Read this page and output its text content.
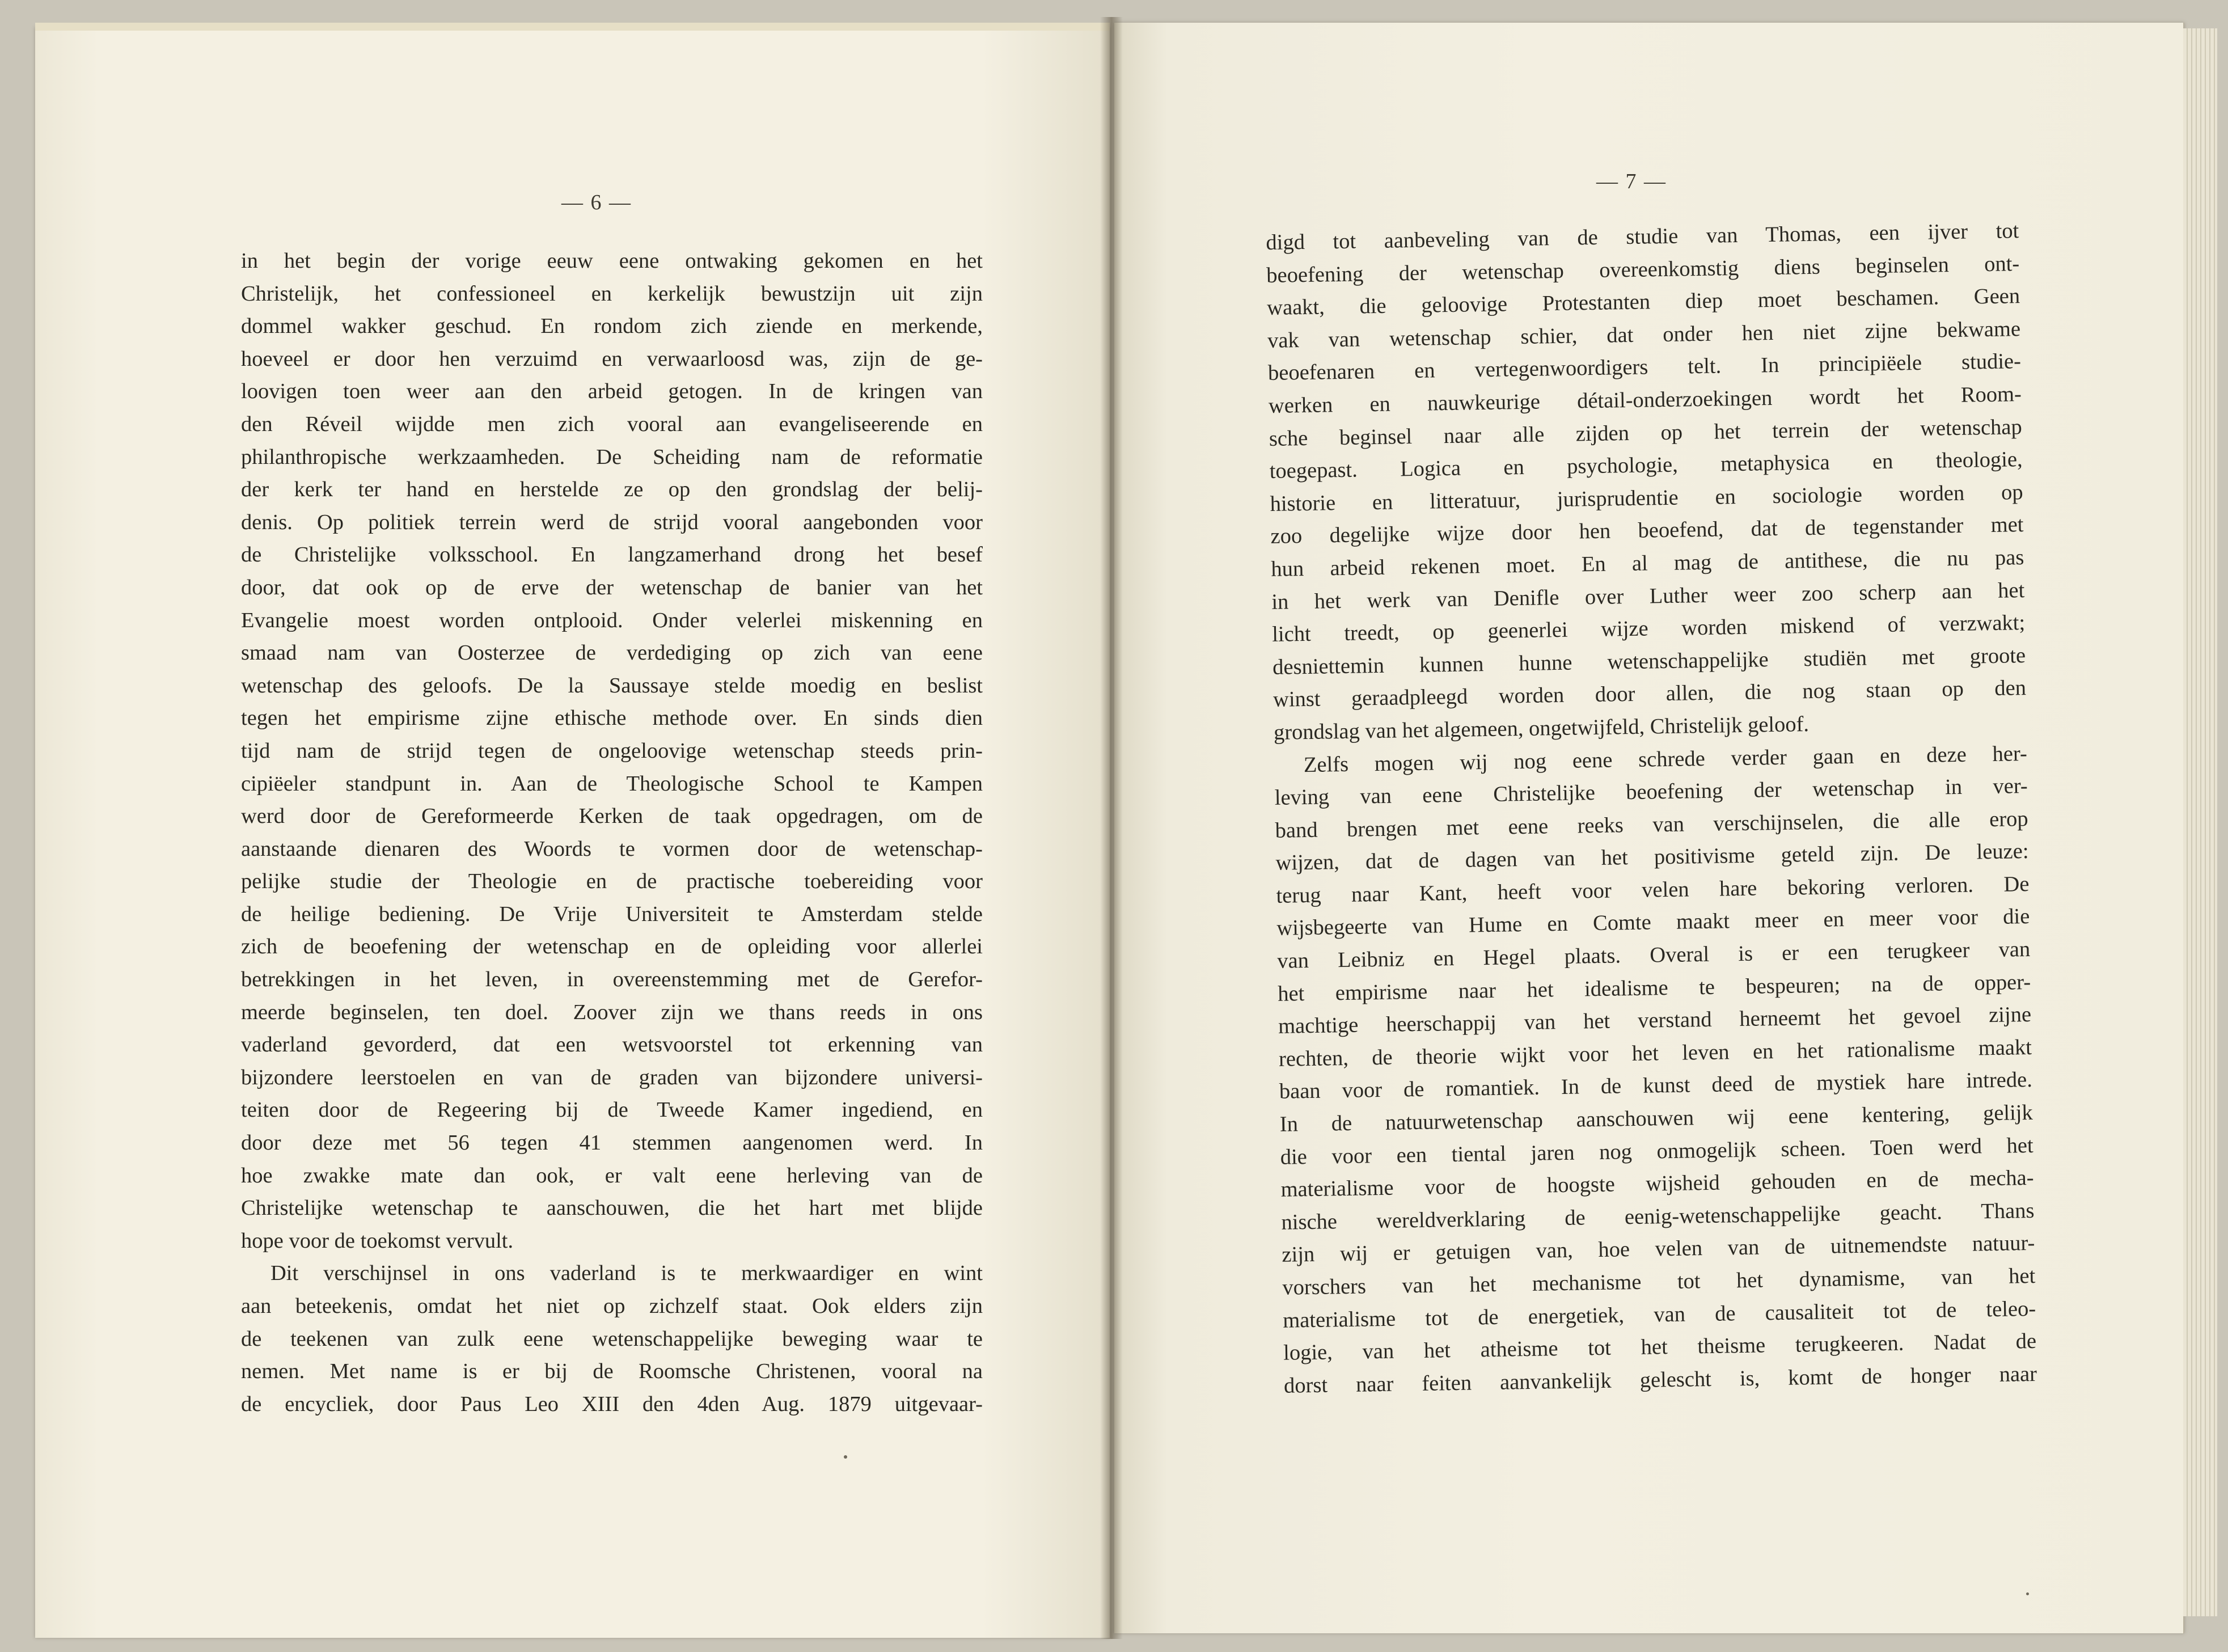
— 6 —
— 7 —
in het begin der vorige eeuw eene ontwaking gekomen en het
Christelijk, het confessioneel en kerkelijk bewustzijn uit zijn
dommel wakker geschud. En rondom zich ziende en merkende,
hoeveel er door hen verzuimd en verwaarloosd was, zijn de ge-
loovigen toen weer aan den arbeid getogen. In de kringen van
den Réveil wijdde men zich vooral aan evangeliseerende en
philanthropische werkzaamheden. De Scheiding nam de reformatie
der kerk ter hand en herstelde ze op den grondslag der belij-
denis. Op politiek terrein werd de strijd vooral aangebonden voor
de Christelijke volksschool. En langzamerhand drong het besef
door, dat ook op de erve der wetenschap de banier van het
Evangelie moest worden ontplooid. Onder velerlei miskenning en
smaad nam van Oosterzee de verdediging op zich van eene
wetenschap des geloofs. De la Saussaye stelde moedig en beslist
tegen het empirisme zijne ethische methode over. En sinds dien
tijd nam de strijd tegen de ongeloovige wetenschap steeds prin-
cipiëeler standpunt in. Aan de Theologische School te Kampen
werd door de Gereformeerde Kerken de taak opgedragen, om de
aanstaande dienaren des Woords te vormen door de wetenschap-
pelijke studie der Theologie en de practische toebereiding voor
de heilige bediening. De Vrije Universiteit te Amsterdam stelde
zich de beoefening der wetenschap en de opleiding voor allerlei
betrekkingen in het leven, in overeenstemming met de Gerefor-
meerde beginselen, ten doel. Zoover zijn we thans reeds in ons
vaderland gevorderd, dat een wetsvoorstel tot erkenning van
bijzondere leerstoelen en van de graden van bijzondere universi-
teiten door de Regeering bij de Tweede Kamer ingediend, en
door deze met 56 tegen 41 stemmen aangenomen werd. In
hoe zwakke mate dan ook, er valt eene herleving van de
Christelijke wetenschap te aanschouwen, die het hart met blijde
hope voor de toekomst vervult.
Dit verschijnsel in ons vaderland is te merkwaardiger en wint
aan beteekenis, omdat het niet op zichzelf staat. Ook elders zijn
de teekenen van zulk eene wetenschappelijke beweging waar te
nemen. Met name is er bij de Roomsche Christenen, vooral na
de encycliek, door Paus Leo XIII den 4den Aug. 1879 uitgevaar-
digd tot aanbeveling van de studie van Thomas, een ijver tot
beoefening der wetenschap overeenkomstig diens beginselen ont-
waakt, die geloovige Protestanten diep moet beschamen. Geen
vak van wetenschap schier, dat onder hen niet zijne bekwame
beoefenaren en vertegenwoordigers telt. In principiëele studie-
werken en nauwkeurige détail-onderzoekingen wordt het Room-
sche beginsel naar alle zijden op het terrein der wetenschap
toegepast. Logica en psychologie, metaphysica en theologie,
historie en litteratuur, jurisprudentie en sociologie worden op
zoo degelijke wijze door hen beoefend, dat de tegenstander met
hun arbeid rekenen moet. En al mag de antithese, die nu pas
in het werk van Denifle over Luther weer zoo scherp aan het
licht treedt, op geenerlei wijze worden miskend of verzwakt;
desniettemin kunnen hunne wetenschappelijke studiën met groote
winst geraadpleegd worden door allen, die nog staan op den
grondslag van het algemeen, ongetwijfeld, Christelijk geloof.
Zelfs mogen wij nog eene schrede verder gaan en deze her-
leving van eene Christelijke beoefening der wetenschap in ver-
band brengen met eene reeks van verschijnselen, die alle erop
wijzen, dat de dagen van het positivisme geteld zijn. De leuze:
terug naar Kant, heeft voor velen hare bekoring verloren. De
wijsbegeerte van Hume en Comte maakt meer en meer voor die
van Leibniz en Hegel plaats. Overal is er een terugkeer van
het empirisme naar het idealisme te bespeuren; na de opper-
machtige heerschappij van het verstand herneemt het gevoel zijne
rechten, de theorie wijkt voor het leven en het rationalisme maakt
baan voor de romantiek. In de kunst deed de mystiek hare intrede.
In de natuurwetenschap aanschouwen wij eene kentering, gelijk
die voor een tiental jaren nog onmogelijk scheen. Toen werd het
materialisme voor de hoogste wijsheid gehouden en de mecha-
nische wereldverklaring de eenig-wetenschappelijke geacht. Thans
zijn wij er getuigen van, hoe velen van de uitnemendste natuur-
vorschers van het mechanisme tot het dynamisme, van het
materialisme tot de energetiek, van de causaliteit tot de teleo-
logie, van het atheisme tot het theisme terugkeeren. Nadat de
dorst naar feiten aanvankelijk gelescht is, komt de honger naar
